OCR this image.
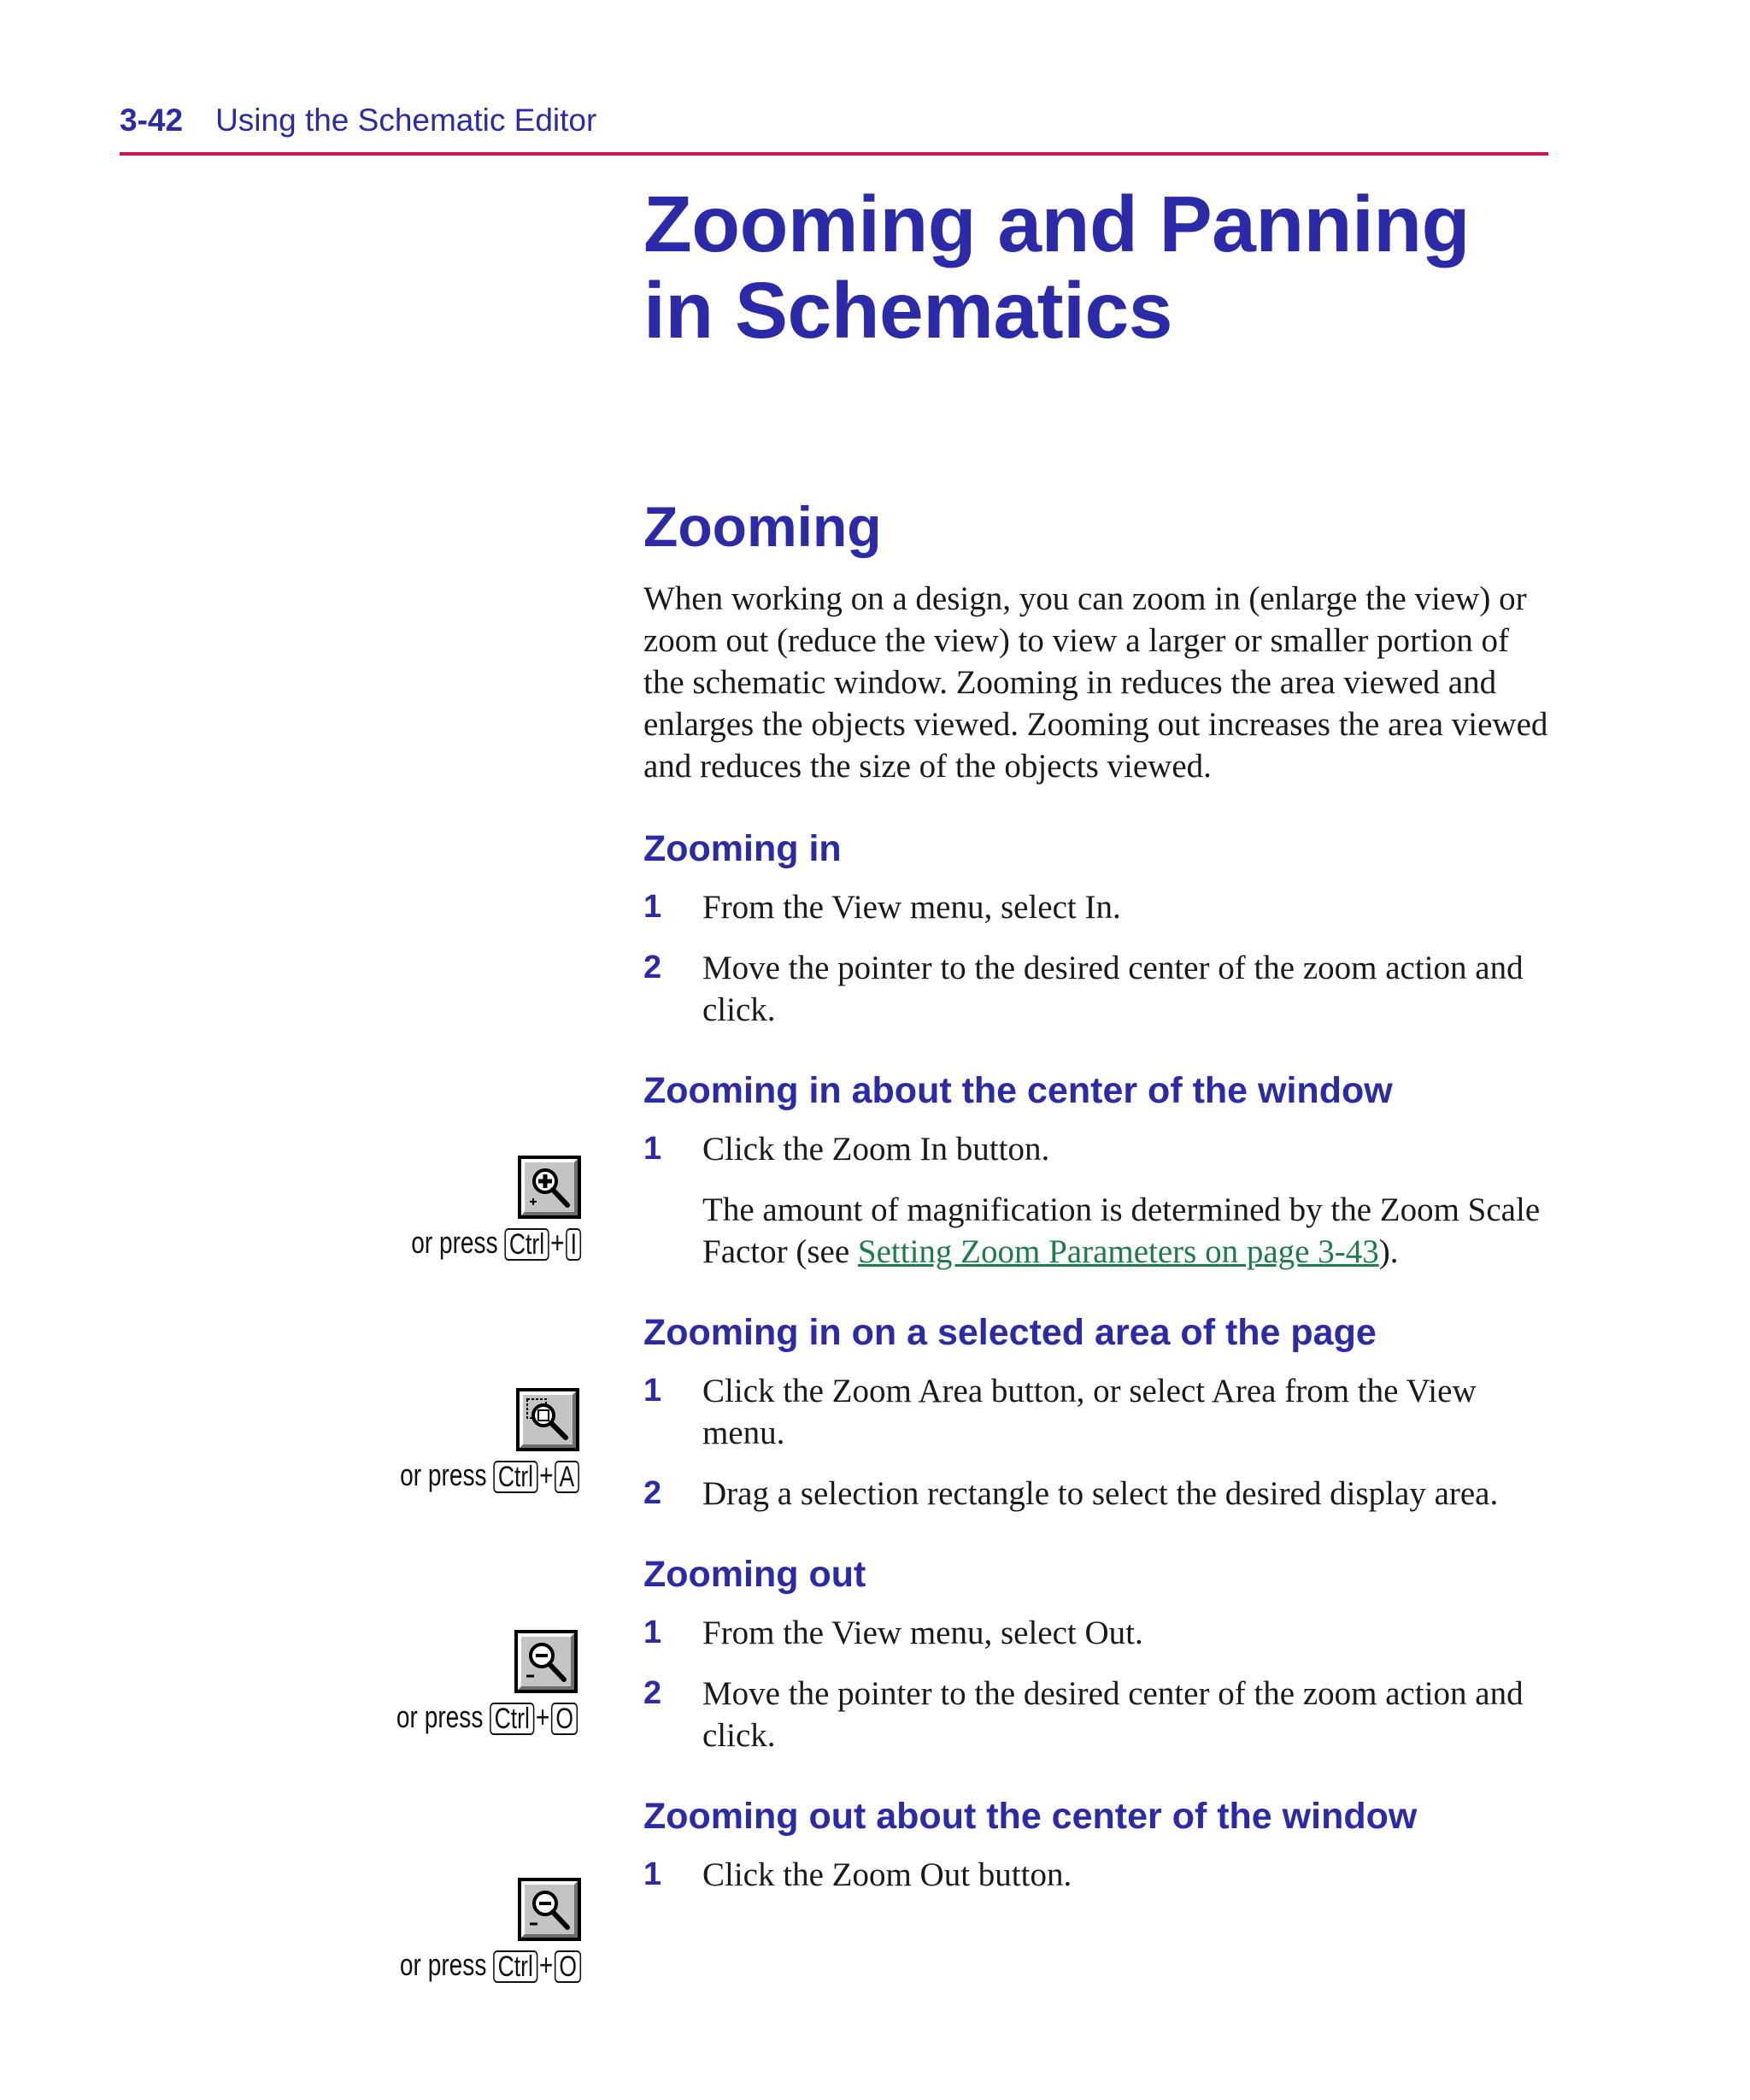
3-42 Using the Schematic Editor
Zooming and Panning in Schematics
Zooming

When working on a design, you can zoom in (enlarge the view) or zoom out (reduce the view) to view a larger or smaller portion of the schematic window. Zooming in reduces the area viewed and enlarges the objects viewed. Zooming out increases the area viewed and reduces the size of the objects viewed.

Zooming in
1 From the View menu, select In.
2 Move the pointer to the desired center of the zoom action and click.
Zooming in about the center of the window
1 Click the Zoom In button.
The amount of magnification is determined by the Zoom Scale Factor (see Setting Zoom Parameters on page 3-43).
Zooming in on a selected area of the page
1 Click the Zoom Area button, or select Area from the View menu.
2 Drag a selection rectangle to select the desired display area.
Zooming out
1 From the View menu, select Out.
2 Move the pointer to the desired center of the zoom action and click.
Zooming out about the center of the window
1 Click the Zoom Out button.
or press Ctrl + I
or press Ctrl + A
or press Ctrl + O
or press Ctrl + O
